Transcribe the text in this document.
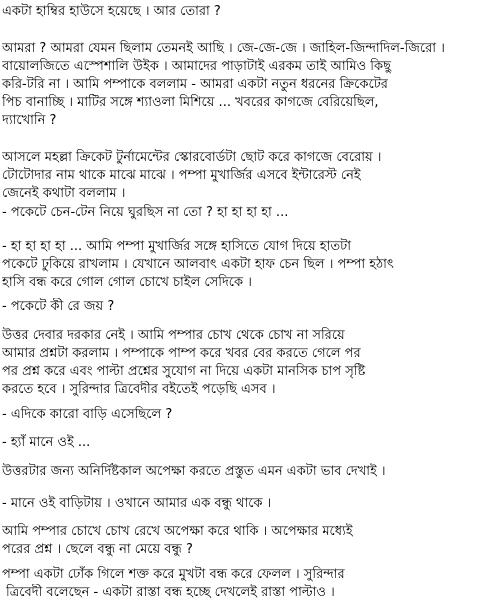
একটা হাম্বির হাউসে হয়েছে । আর তোরা ?
আমরা ? আমরা যেমন ছিলাম তেমনই আছি । জে-জে-জে । জাহিল-জিন্দাদিল-জিরো ।
বায়োলজিতে এস্পেশালি উইক । আমাদের পাড়াটাই এরকম তাই আমিও কিছু
করি-টরি না । আমি পম্পাকে বললাম - আমরা একটা নতুন ধরনের ক্রিকেটের
পিচ বানাচ্ছি । মাটির সঙ্গে শ্যাওলা মিশিয়ে ... খবরের কাগজে বেরিয়েছিল,
দ্যাখোনি ?
আসলে মহল্লা ক্রিকেট টুর্নামেন্টের স্কোরবোর্ডটা ছোট করে কাগজে বেরোয় ।
টোটোদার নাম থাকে মাঝে মাঝে । পম্পা মুখার্জির এসবে ইন্টারেস্ট নেই
জেনেই কথাটা বললাম ।
- পকেটে চেন-টেন নিয়ে ঘুরছিস না তো ? হা হা হা হা ...
- হা হা হা হা ... আমি পম্পা মুখার্জির সঙ্গে হাসিতে যোগ দিয়ে হাতটা
পকেটে ঢুকিয়ে রাখলাম । যেখানে আলবাৎ একটা হাফ চেন ছিল । পম্পা হঠাৎ
হাসি বন্ধ করে গোল গোল চোখে চাইল সেদিকে ।
- পকেটে কী রে জয় ?
উত্তর দেবার দরকার নেই । আমি পম্পার চোখ থেকে চোখ না সরিয়ে
আমার প্রশ্নটা করলাম । পম্পাকে পাম্প করে খবর বের করতে গেলে পর
পর প্রশ্ন করে এবং পাল্টা প্রশ্নের সুযোগ না দিয়ে একটা মানসিক চাপ সৃষ্টি
করতে হবে । সুরিন্দার ত্রিবেদীর বইতেই পড়েছি এসব ।
- এদিকে কারো বাড়ি এসেছিলে ?
- হ্যাঁ মানে ওই ...
উত্তরটার জন্য অনির্দিষ্টকাল অপেক্ষা করতে প্রস্তুত এমন একটা ভাব দেখাই ।
- মানে ওই বাড়িটায় । ওখানে আমার এক বন্ধু থাকে ।
আমি পম্পার চোখে চোখ রেখে অপেক্ষা করে থাকি । অপেক্ষার মধ্যেই
পরের প্রশ্ন । ছেলে বন্ধু না মেয়ে বন্ধু ?
পম্পা একটা ঢোঁক গিলে শক্ত করে মুখটা বন্ধ করে ফেলল । সুরিন্দার
ত্রিবেদী বলেছেন - একটা রাস্তা বন্ধ হচ্ছে দেখলেই রাস্তা পাল্টাও ।
